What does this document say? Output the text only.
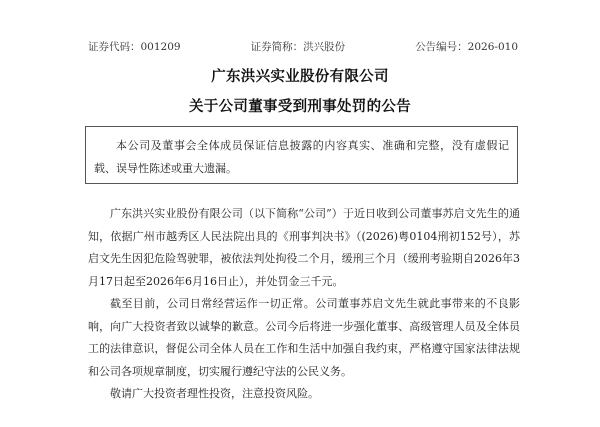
证券代码：001209	证券简称：洪兴股份	公告编号：2026-010
广东洪兴实业股份有限公司
关于公司董事受到刑事处罚的公告

本公司及董事会全体成员保证信息披露的内容真实、准确和完整，没有虚假记载、误导性陈述或重大遗漏。

广东洪兴实业股份有限公司（以下简称“公司”）于近日收到公司董事苏启文先生的通知，依据广州市越秀区人民法院出具的《刑事判决书》（(2026)粤0104刑初152号），苏启文先生因犯危险驾驶罪，被依法判处拘役二个月，缓刑三个月（缓刑考验期自2026年3月17日起至2026年6月16日止），并处罚金三千元。

截至目前，公司日常经营运作一切正常。公司董事苏启文先生就此事带来的不良影响，向广大投资者致以诚挚的歉意。公司今后将进一步强化董事、高级管理人员及全体员工的法律意识，督促公司全体人员在工作和生活中加强自我约束，严格遵守国家法律法规和公司各项规章制度，切实履行遵纪守法的公民义务。

敬请广大投资者理性投资，注意投资风险。
